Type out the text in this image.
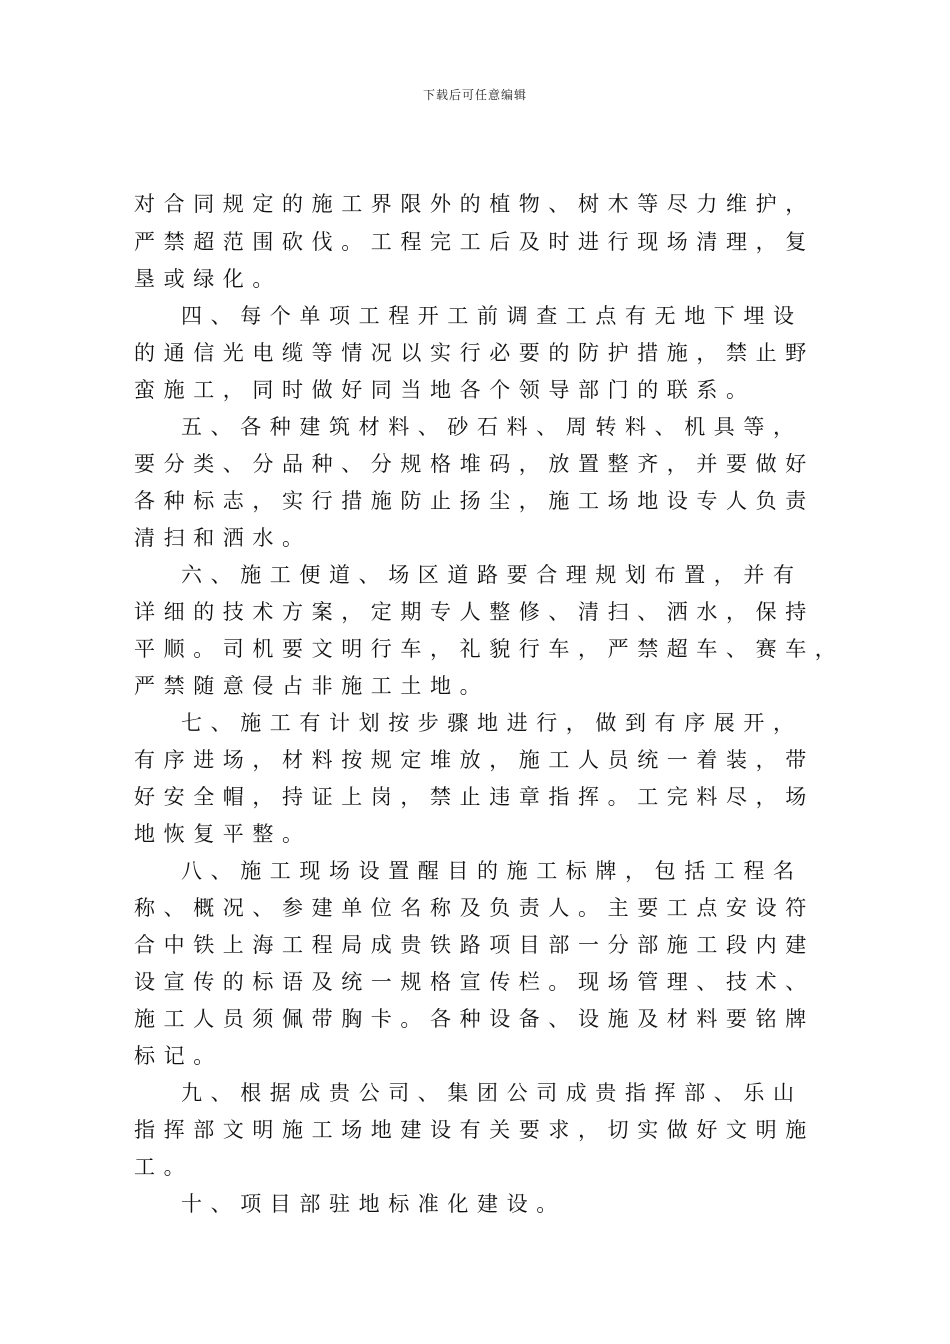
下载后可任意编辑
对合同规定的施工界限外的植物、树木等尽力维护，
严禁超范围砍伐。工程完工后及时进行现场清理，复
垦或绿化。
四、每个单项工程开工前调查工点有无地下埋设
的通信光电缆等情况以实行必要的防护措施，禁止野
蛮施工，同时做好同当地各个领导部门的联系。
五、各种建筑材料、砂石料、周转料、机具等，
要分类、分品种、分规格堆码，放置整齐，并要做好
各种标志，实行措施防止扬尘，施工场地设专人负责
清扫和洒水。
六、施工便道、场区道路要合理规划布置，并有
详细的技术方案，定期专人整修、清扫、洒水，保持
平顺。司机要文明行车，礼貌行车，严禁超车、赛车，
严禁随意侵占非施工土地。
七、施工有计划按步骤地进行，做到有序展开，
有序进场，材料按规定堆放，施工人员统一着装，带
好安全帽，持证上岗，禁止违章指挥。工完料尽，场
地恢复平整。
八、施工现场设置醒目的施工标牌，包括工程名
称、概况、参建单位名称及负责人。主要工点安设符
合中铁上海工程局成贵铁路项目部一分部施工段内建
设宣传的标语及统一规格宣传栏。现场管理、技术、
施工人员须佩带胸卡。各种设备、设施及材料要铭牌
标记。
九、根据成贵公司、集团公司成贵指挥部、乐山
指挥部文明施工场地建设有关要求，切实做好文明施
工。
十、项目部驻地标准化建设。
